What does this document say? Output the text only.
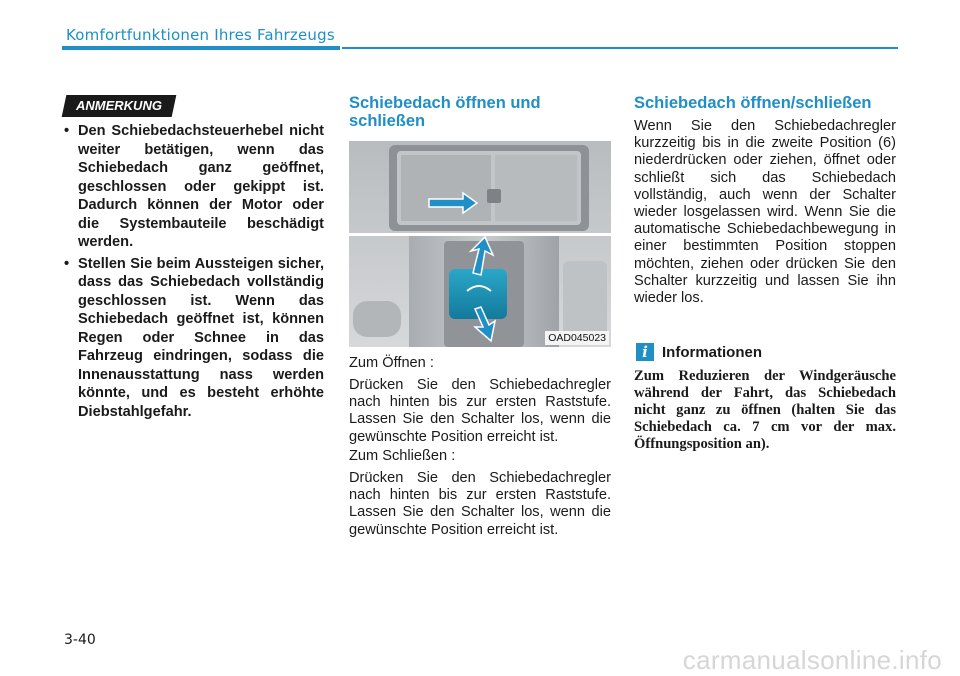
Komfortfunktionen Ihres Fahrzeugs
ANMERKUNG
• Den Schiebedachsteuerhebel nicht weiter betätigen, wenn das Schiebedach ganz geöffnet, geschlossen oder gekippt ist. Dadurch können der Motor oder die Systembauteile beschädigt werden.
• Stellen Sie beim Aussteigen sicher, dass das Schiebedach vollständig geschlossen ist. Wenn das Schiebedach geöffnet ist, können Regen oder Schnee in das Fahrzeug eindringen, sodass die Innenausstattung nass werden könnte, und es besteht erhöhte Diebstahlgefahr.
Schiebedach öffnen und schließen
OAD045023

Zum Öffnen :

Drücken Sie den Schiebedachregler nach hinten bis zur ersten Raststufe. Lassen Sie den Schalter los, wenn die gewünschte Position erreicht ist.

Zum Schließen :

Drücken Sie den Schiebedachregler nach hinten bis zur ersten Raststufe. Lassen Sie den Schalter los, wenn die gewünschte Position erreicht ist.

Schiebedach öffnen/schließen

Wenn Sie den Schiebedachregler kurzzeitig bis in die zweite Position (6) niederdrücken oder ziehen, öffnet oder schließt sich das Schiebedach vollständig, auch wenn der Schalter wieder losgelassen wird. Wenn Sie die automatische Schiebedachbewegung in einer bestimmten Position stoppen möchten, ziehen oder drücken Sie den Schalter kurzzeitig und lassen Sie ihn wieder los.

i Informationen

Zum Reduzieren der Windgeräusche während der Fahrt, das Schiebedach nicht ganz zu öffnen (halten Sie das Schiebedach ca. 7 cm vor der max. Öffnungsposition an).

3-40
carmanualsonline.info
